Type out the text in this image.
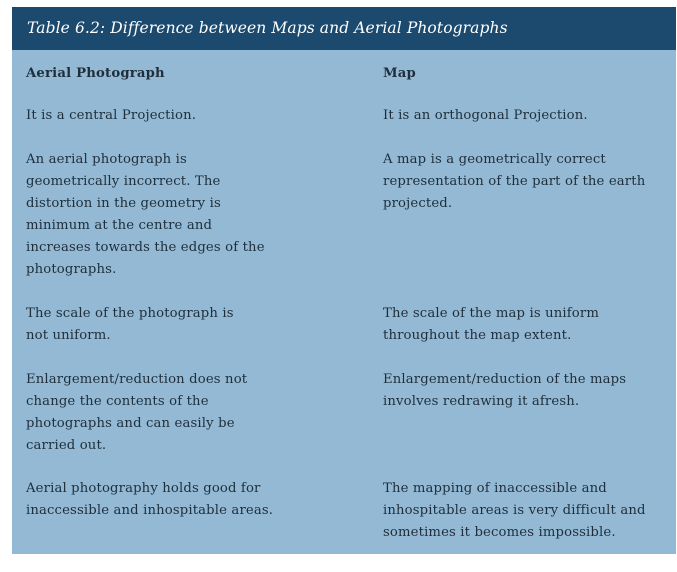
Table 6.2: Difference between Maps and Aerial Photographs
Aerial Photograph	Map
It is a central Projection.	It is an orthogonal Projection.
An aerial photograph is
geometrically incorrect. The
distortion in the geometry is
minimum at the centre and
increases towards the edges of the
photographs.
A map is a geometrically correct
representation of the part of the earth
projected.
The scale of the photograph is
not uniform.
The scale of the map is uniform
throughout the map extent.
Enlargement/reduction does not
change the contents of the
photographs and can easily be
carried out.
Enlargement/reduction of the maps
involves redrawing it afresh.
Aerial photography holds good for
inaccessible and inhospitable areas.
The mapping of inaccessible and
inhospitable areas is very difficult and
sometimes it becomes impossible.
